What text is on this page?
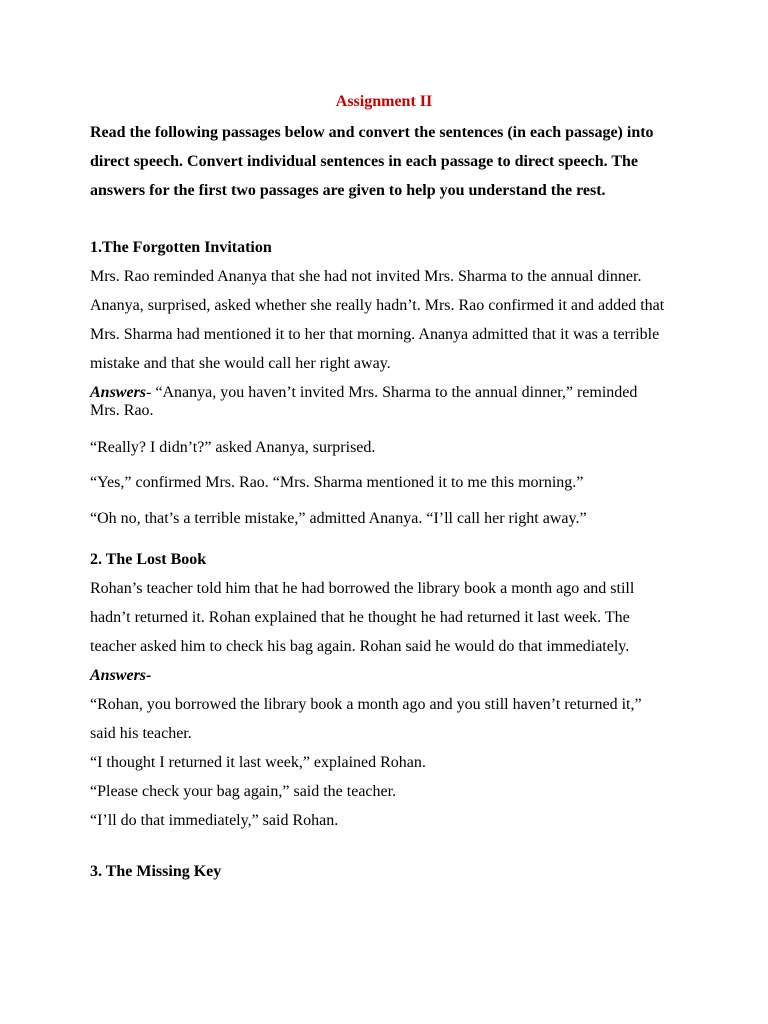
Assignment II
Read the following passages below and convert the sentences (in each passage) into
direct speech. Convert individual sentences in each passage to direct speech. The
answers for the first two passages are given to help you understand the rest.
1.The Forgotten Invitation
Mrs. Rao reminded Ananya that she had not invited Mrs. Sharma to the annual dinner.
Ananya, surprised, asked whether she really hadn’t. Mrs. Rao confirmed it and added that
Mrs. Sharma had mentioned it to her that morning. Ananya admitted that it was a terrible
mistake and that she would call her right away.
Answers- “Ananya, you haven’t invited Mrs. Sharma to the annual dinner,” reminded
Mrs. Rao.
“Really? I didn’t?” asked Ananya, surprised.
“Yes,” confirmed Mrs. Rao. “Mrs. Sharma mentioned it to me this morning.”
“Oh no, that’s a terrible mistake,” admitted Ananya. “I’ll call her right away.”
2. The Lost Book
Rohan’s teacher told him that he had borrowed the library book a month ago and still
hadn’t returned it. Rohan explained that he thought he had returned it last week. The
teacher asked him to check his bag again. Rohan said he would do that immediately.
Answers-
“Rohan, you borrowed the library book a month ago and you still haven’t returned it,”
said his teacher.
“I thought I returned it last week,” explained Rohan.
“Please check your bag again,” said the teacher.
“I’ll do that immediately,” said Rohan.
3. The Missing Key
